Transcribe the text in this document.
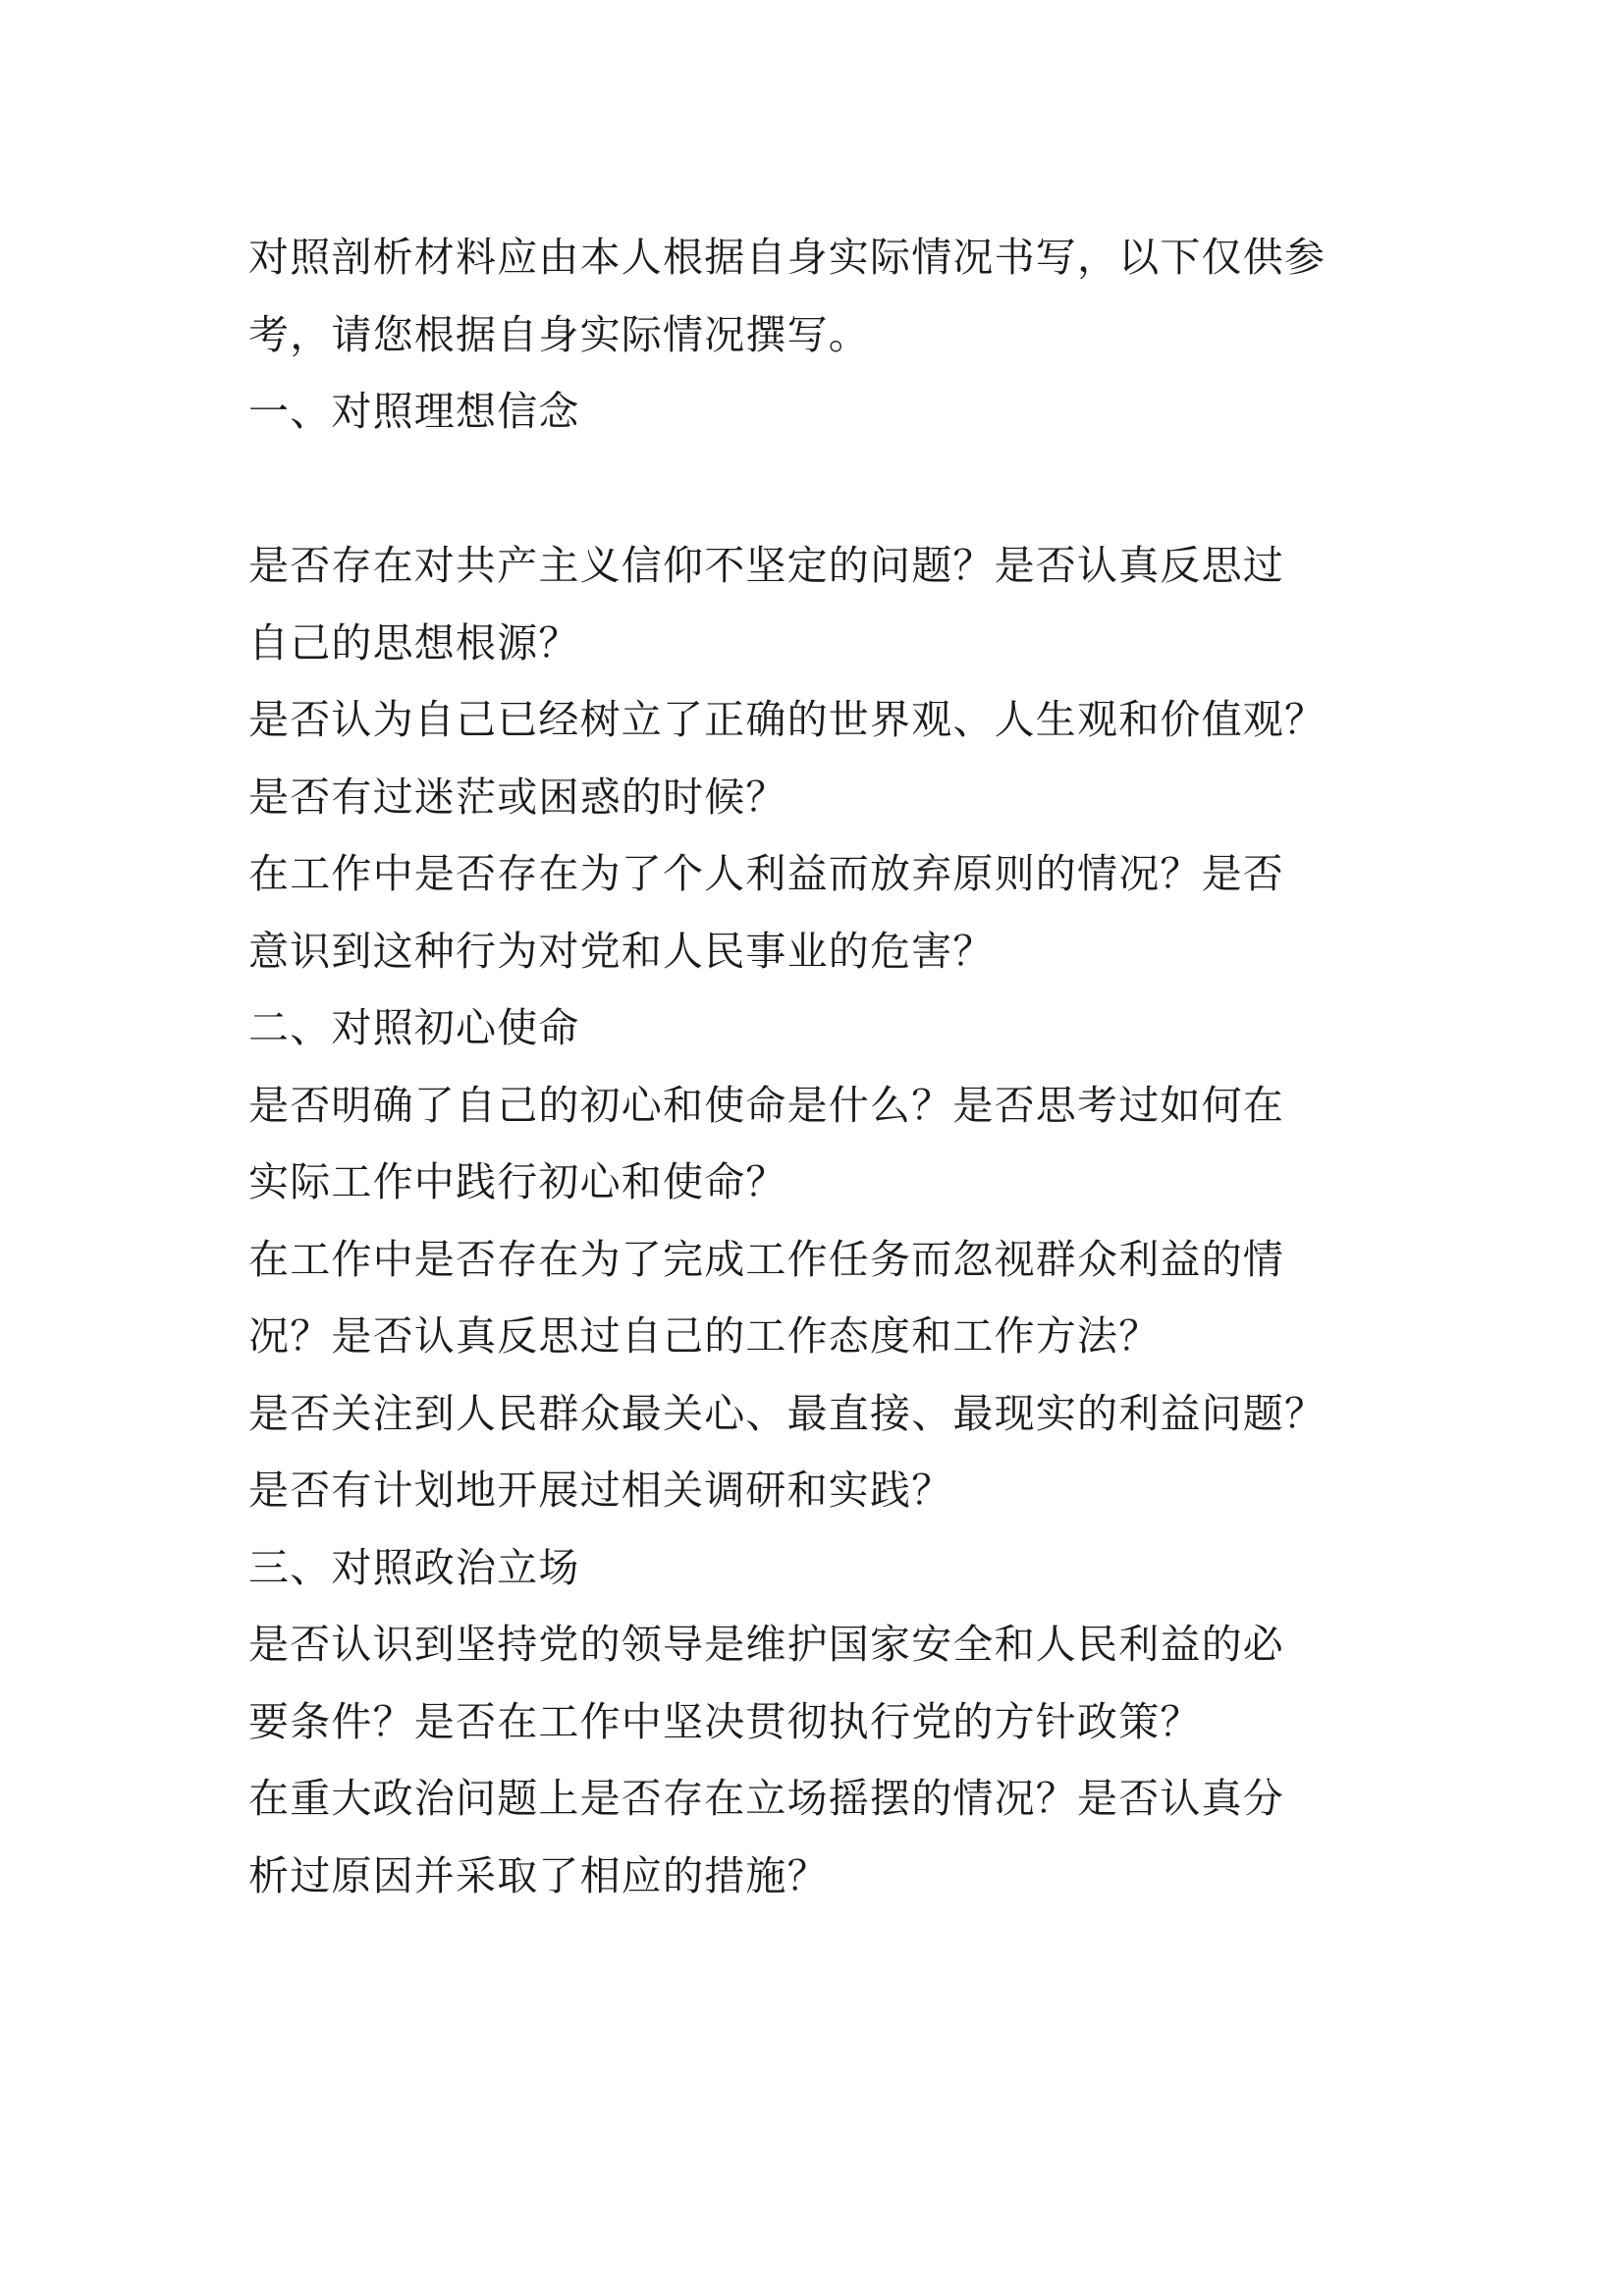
对照剖析材料应由本人根据自身实际情况书写，以下仅供参
考，请您根据自身实际情况撰写。
一、对照理想信念
是否存在对共产主义信仰不坚定的问题？是否认真反思过
自己的思想根源？
是否认为自己已经树立了正确的世界观、人生观和价值观？
是否有过迷茫或困惑的时候？
在工作中是否存在为了个人利益而放弃原则的情况？是否
意识到这种行为对党和人民事业的危害？
二、对照初心使命
是否明确了自己的初心和使命是什么？是否思考过如何在
实际工作中践行初心和使命？
在工作中是否存在为了完成工作任务而忽视群众利益的情
况？是否认真反思过自己的工作态度和工作方法？
是否关注到人民群众最关心、最直接、最现实的利益问题？
是否有计划地开展过相关调研和实践？
三、对照政治立场
是否认识到坚持党的领导是维护国家安全和人民利益的必
要条件？是否在工作中坚决贯彻执行党的方针政策？
在重大政治问题上是否存在立场摇摆的情况？是否认真分
析过原因并采取了相应的措施？
